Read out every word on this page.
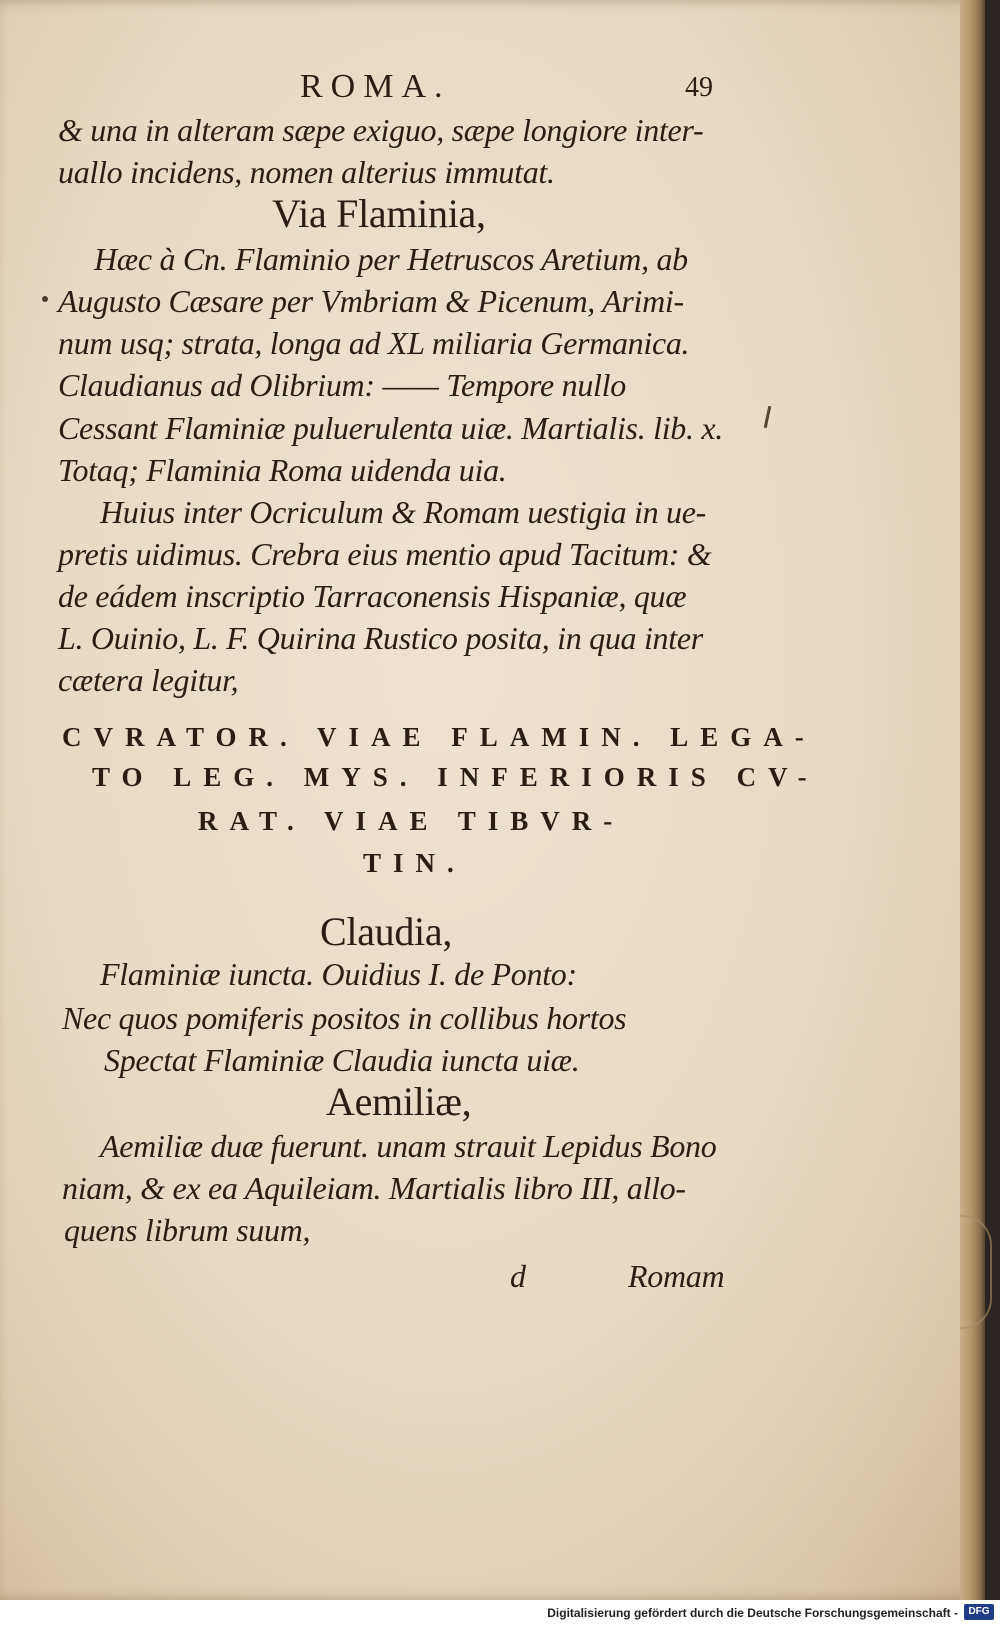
ROMA.	49
& una in alteram sæpe exiguo, sæpe longiore inter-
uallo incidens, nomen alterius immutat.
Via Flaminia,
Hæc à Cn. Flaminio per Hetruscos Aretium, ab
Augusto Cæsare per Vmbriam & Picenum, Arimi-
num usq; strata, longa ad XL miliaria Germanica.
Claudianus ad Olibrium: —— Tempore nullo
Cessant Flaminiæ puluerulenta uiæ. Martialis. lib. x.
Totaq; Flaminia Roma uidenda uia.
Huius inter Ocriculum & Romam uestigia in ue-
pretis uidimus. Crebra eius mentio apud Tacitum: &
de eádem inscriptio Tarraconensis Hispaniæ, quæ
L. Ouinio, L. F. Quirina Rustico posita, in qua inter
cætera legitur,
CVRATOR. VIAE FLAMIN. LEGA-
TO LEG. MYS. INFERIORIS CV-
RAT. VIAE TIBVR-
TIN.
Claudia,
Flaminiæ iuncta. Ouidius I. de Ponto:
Nec quos pomiferis positos in collibus hortos
Spectat Flaminiæ Claudia iuncta uiæ.
Aemiliæ,
Aemiliæ duæ fuerunt. unam strauit Lepidus Bono
niam, & ex ea Aquileiam. Martialis libro III, allo-
quens librum suum,
d	Romam
Digitalisierung gefördert durch die Deutsche Forschungsgemeinschaft -	DFG
